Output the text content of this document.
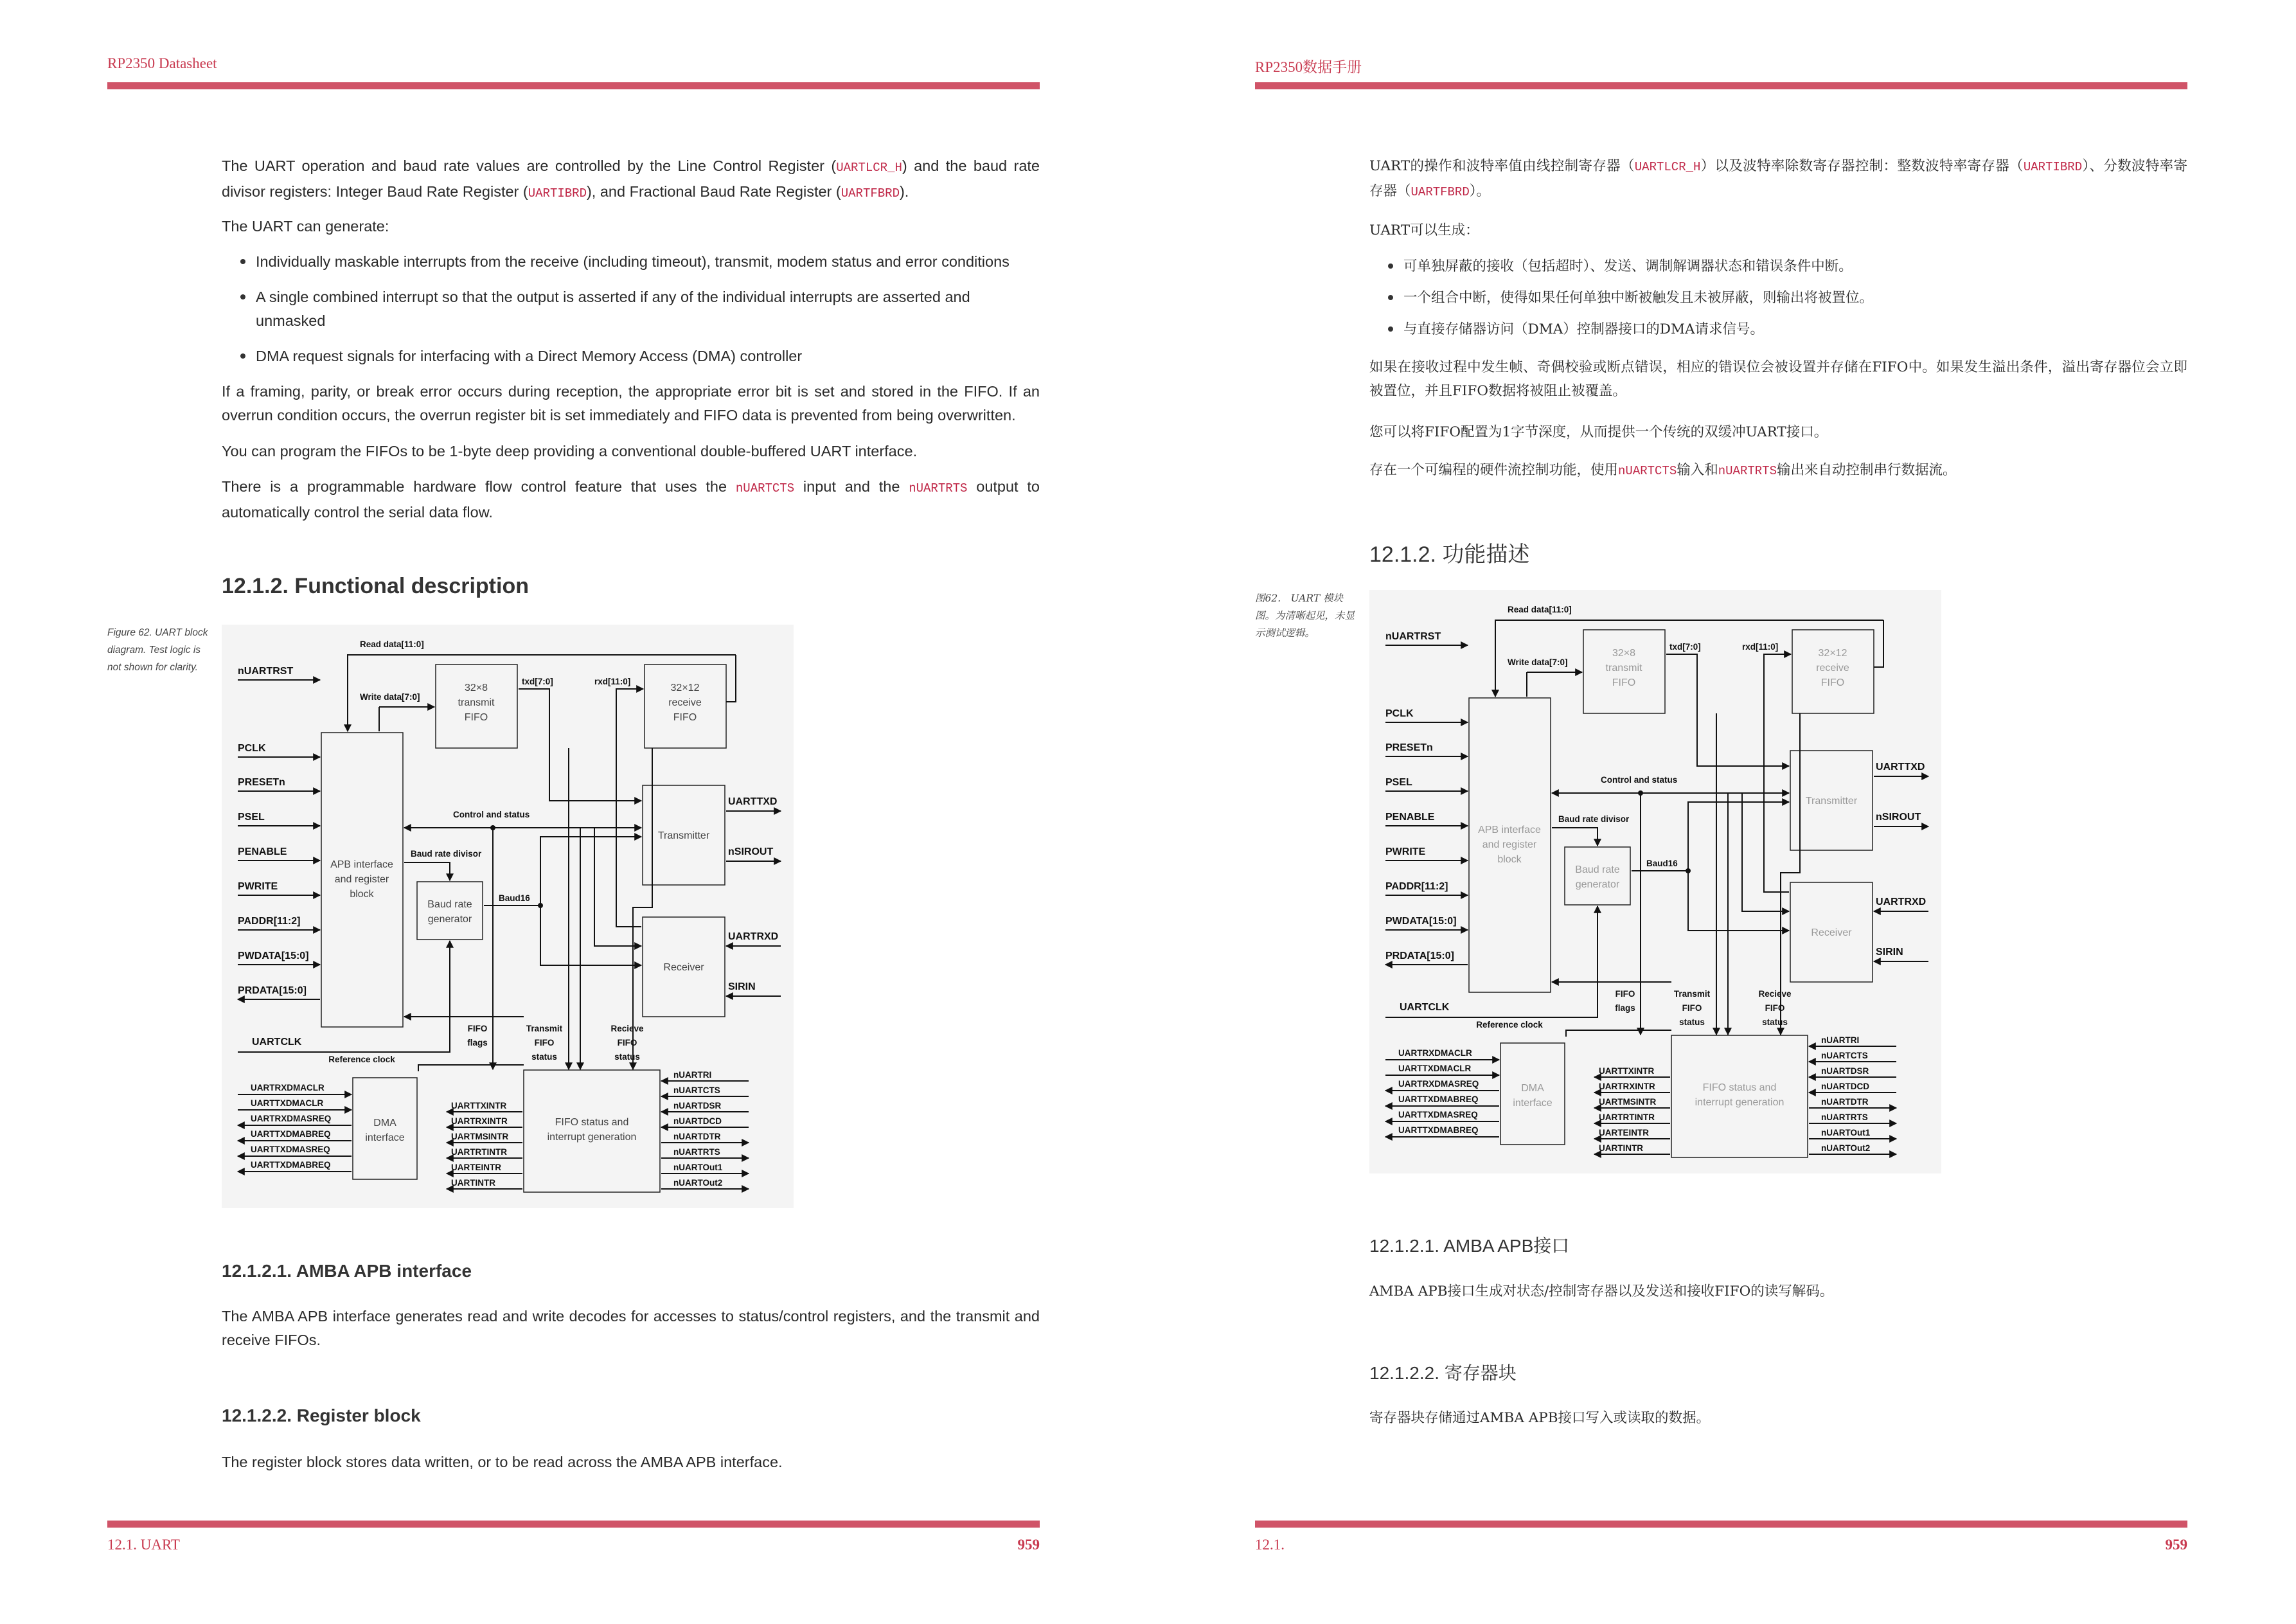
RP2350 Datasheet
The UART operation and baud rate values are controlled by the Line Control Register (UARTLCR_H) and the baud rate divisor registers: Integer Baud Rate Register (UARTIBRD), and Fractional Baud Rate Register (UARTFBRD).
The UART can generate:
Individually maskable interrupts from the receive (including timeout), transmit, modem status and error conditions
A single combined interrupt so that the output is asserted if any of the individual interrupts are asserted and unmasked
DMA request signals for interfacing with a Direct Memory Access (DMA) controller
If a framing, parity, or break error occurs during reception, the appropriate error bit is set and stored in the FIFO. If an overrun condition occurs, the overrun register bit is set immediately and FIFO data is prevented from being overwritten.
You can program the FIFOs to be 1-byte deep providing a conventional double-buffered UART interface.
There is a programmable hardware flow control feature that uses the nUARTCTS input and the nUARTRTS output to automatically control the serial data flow.
12.1.2. Functional description
Figure 62. UART block diagram. Test logic is not shown for clarity.
APB interface
and register
block
32×8
transmit
FIFO
32×12
receive
FIFO
Baud rate
generator
Transmitter
Receiver
DMA
interface
FIFO status and
interrupt generation
nUARTRST
PCLK
PRESETn
PSEL
PENABLE
PWRITE
PADDR[11:2]
PWDATA[15:0]
PRDATA[15:0]
UARTCLK
Reference clock
Read data[11:0]
Write data[7:0]
txd[7:0]	rxd[11:0]
Control and status
Baud rate divisor
Baud16
FIFO
flags
Transmit
FIFO
status
Recieve
FIFO
status
UARTTXD
nSIROUT
UARTRXD
SIRIN
UARTRXDMACLR
UARTTXDMACLR
UARTRXDMASREQ
UARTTXDMABREQ
UARTTXDMASREQ
UARTTXDMABREQ
UARTTXINTR
UARTRXINTR
UARTMSINTR
UARTRTINTR
UARTEINTR
UARTINTR
nUARTRI
nUARTCTS
nUARTDSR
nUARTDCD
nUARTDTR
nUARTRTS
nUARTOut1
nUARTOut2
12.1.2.1. AMBA APB interface
The AMBA APB interface generates read and write decodes for accesses to status/control registers, and the transmit and receive FIFOs.
12.1.2.2. Register block
The register block stores data written, or to be read across the AMBA APB interface.
12.1. UART	959
RP2350数据手册
UART的操作和波特率值由线控制寄存器（UARTLCR_H）以及波特率除数寄存器控制：整数波特率寄存器（UARTIBRD）、分数波特率寄存器（UARTFBRD）。
UART可以生成：
可单独屏蔽的接收（包括超时）、发送、调制解调器状态和错误条件中断。
一个组合中断，使得如果任何单独中断被触发且未被屏蔽，则输出将被置位。
与直接存储器访问（DMA）控制器接口的DMA请求信号。
如果在接收过程中发生帧、奇偶校验或断点错误，相应的错误位会被设置并存储在FIFO中。如果发生溢出条件，溢出寄存器位会立即被置位，并且FIFO数据将被阻止被覆盖。
您可以将FIFO配置为1字节深度，从而提供一个传统的双缓冲UART接口。
存在一个可编程的硬件流控制功能，使用nUARTCTS输入和nUARTRTS输出来自动控制串行数据流。
12.1.2. 功能描述
图62.　UART 模块图。为清晰起见，未显示测试逻辑。
APB interface
and register
block
32×8
transmit
FIFO
32×12
receive
FIFO
Baud rate
generator
Transmitter
Receiver
DMA
interface
FIFO status and
interrupt generation
nUARTRST
PCLK
PRESETn
PSEL
PENABLE
PWRITE
PADDR[11:2]
PWDATA[15:0]
PRDATA[15:0]
UARTCLK
Reference clock
Read data[11:0]
Write data[7:0]
txd[7:0]	rxd[11:0]
Control and status
Baud rate divisor
Baud16
FIFO
flags
Transmit
FIFO
status
Recieve
FIFO
status
UARTTXD
nSIROUT
UARTRXD
SIRIN
UARTRXDMACLR
UARTTXDMACLR
UARTRXDMASREQ
UARTTXDMABREQ
UARTTXDMASREQ
UARTTXDMABREQ
UARTTXINTR
UARTRXINTR
UARTMSINTR
UARTRTINTR
UARTEINTR
UARTINTR
nUARTRI
nUARTCTS
nUARTDSR
nUARTDCD
nUARTDTR
nUARTRTS
nUARTOut1
nUARTOut2
12.1.2.1. AMBA APB接口
AMBA APB接口生成对状态/控制寄存器以及发送和接收FIFO的读写解码。
12.1.2.2. 寄存器块
寄存器块存储通过AMBA APB接口写入或读取的数据。
12.1.	959
